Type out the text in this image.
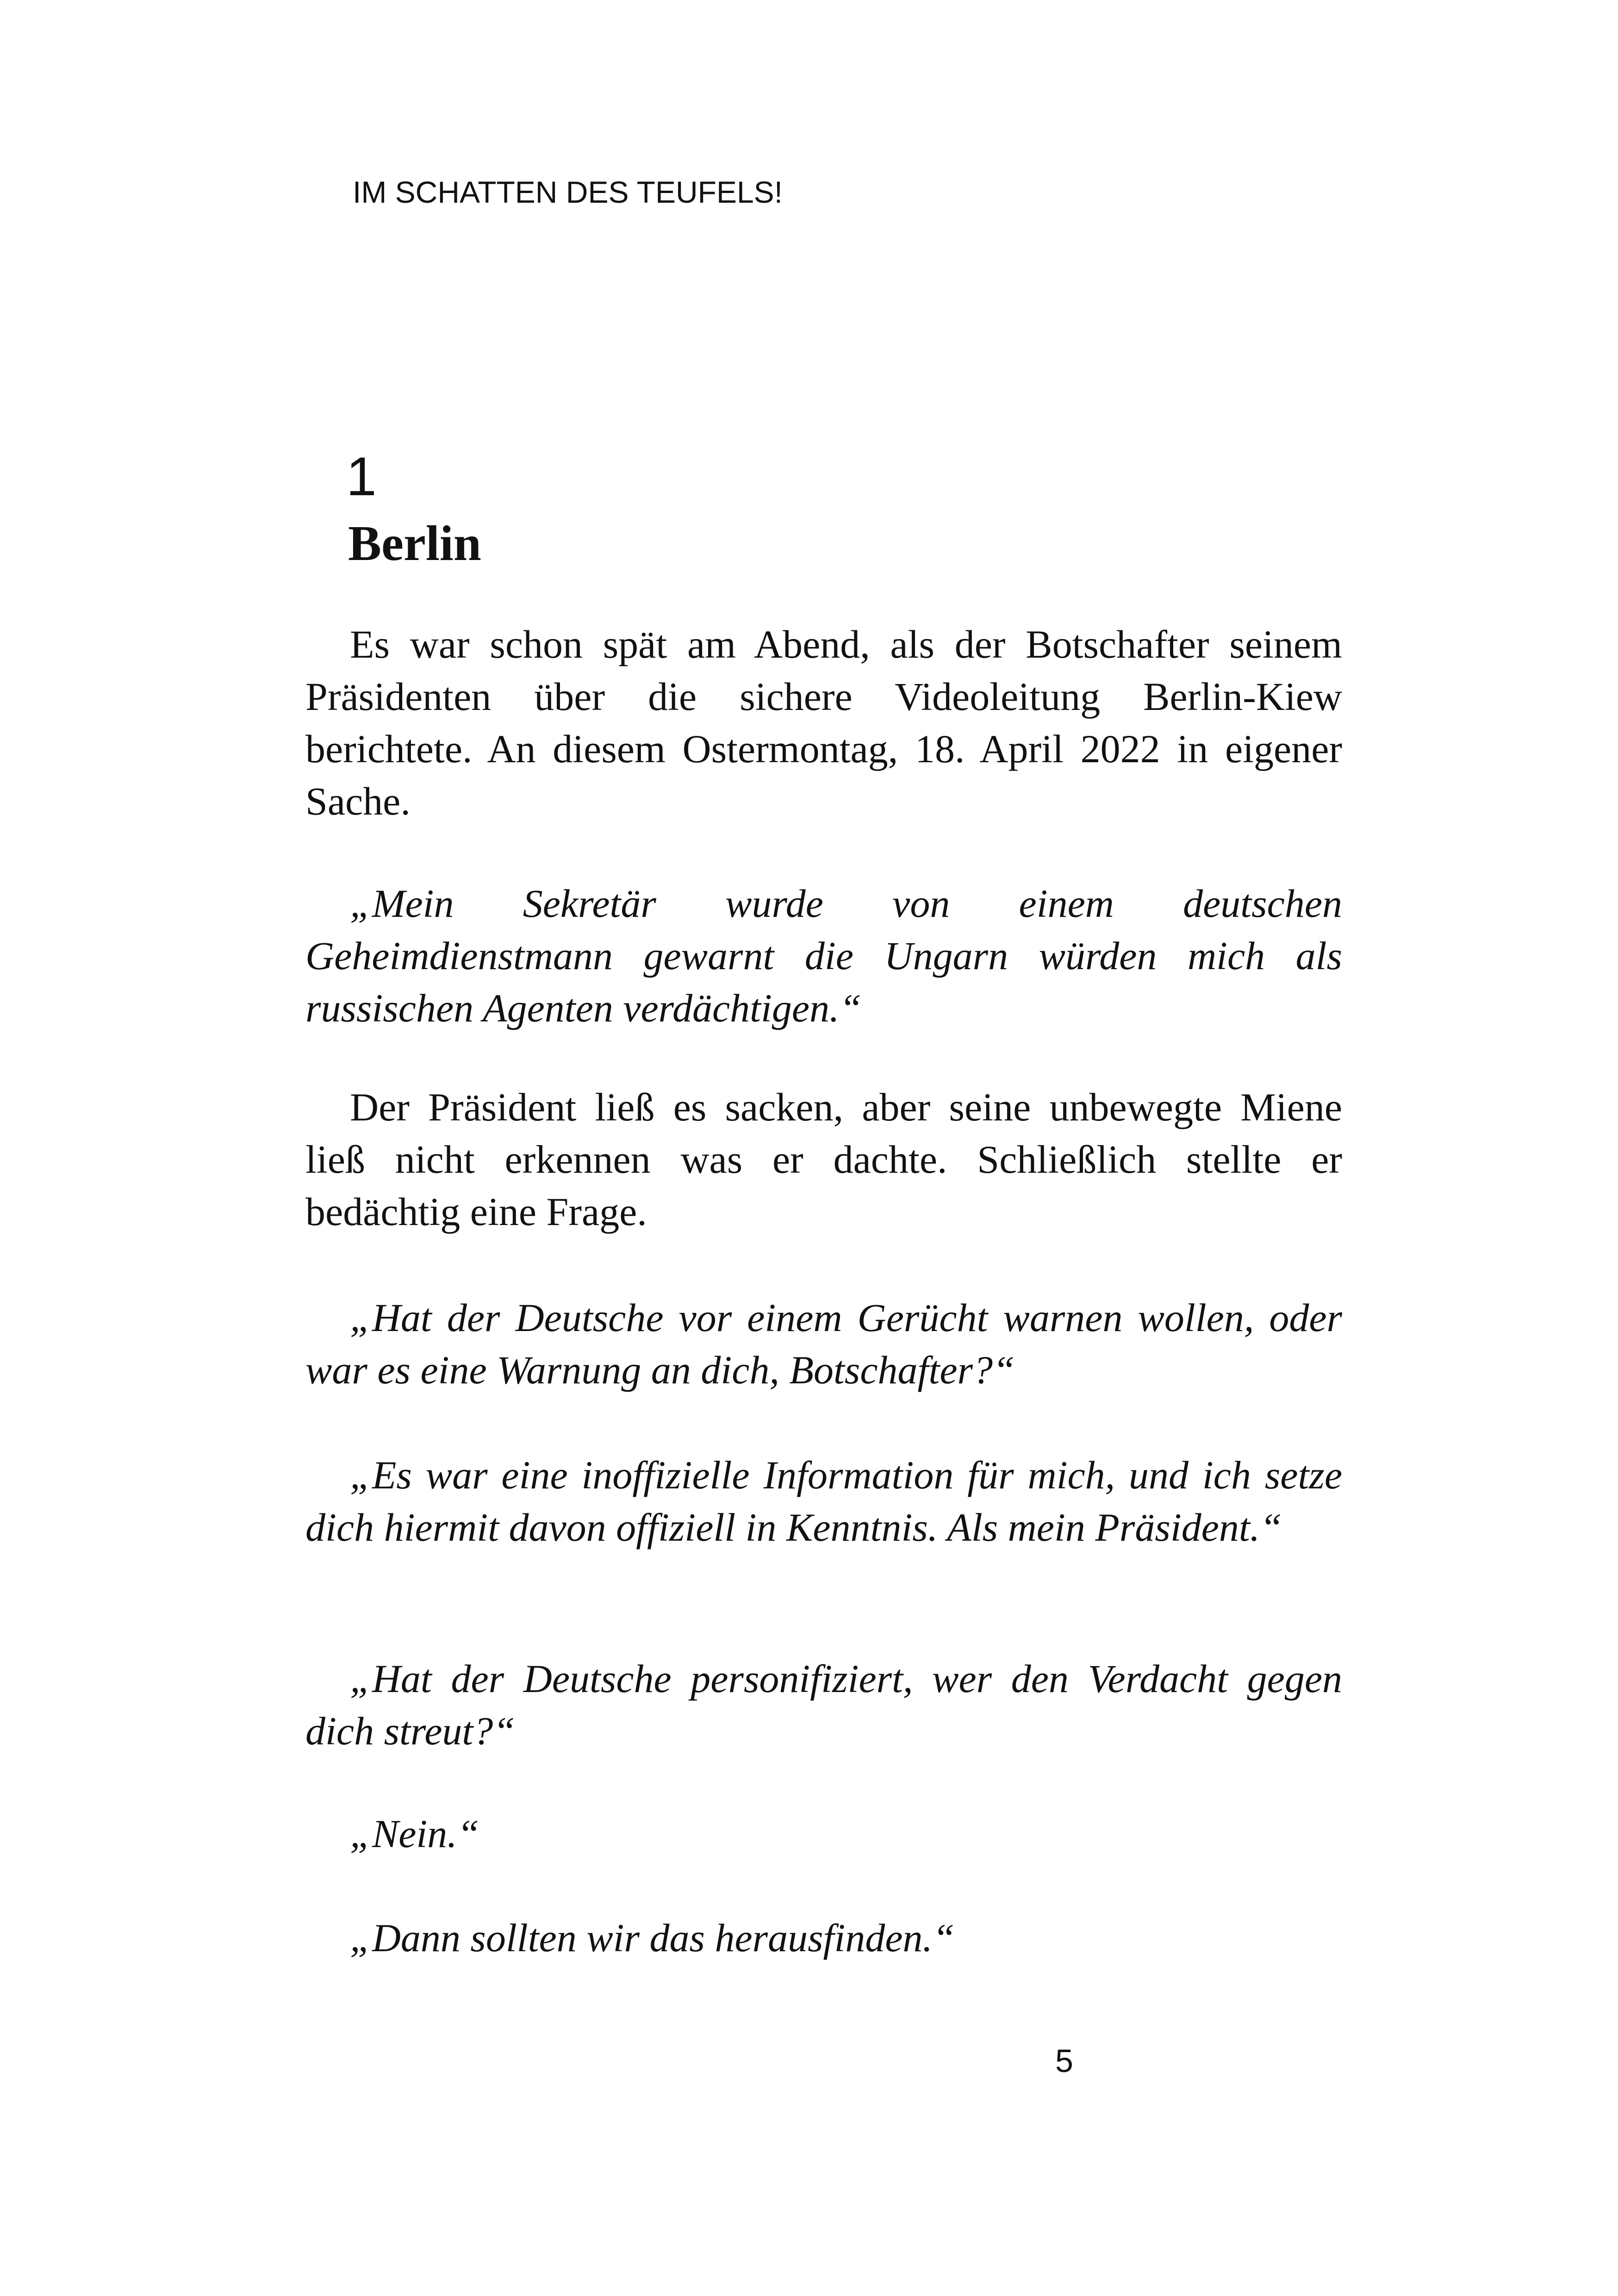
IM SCHATTEN DES TEUFELS!
1
Berlin

Es war schon spät am Abend, als der Botschafter seinem Präsidenten über die sichere Videoleitung Berlin-Kiew berichtete. An diesem Ostermontag, 18. April 2022 in eigener Sache.

„Mein Sekretär wurde von einem deutschen Geheimdienstmann gewarnt die Ungarn würden mich als russischen Agenten verdächtigen.“

Der Präsident ließ es sacken, aber seine unbewegte Miene ließ nicht erkennen was er dachte. Schließlich stellte er bedächtig eine Frage.

„Hat der Deutsche vor einem Gerücht warnen wollen, oder war es eine Warnung an dich, Botschafter?“

„Es war eine inoffizielle Information für mich, und ich setze dich hiermit davon offiziell in Kenntnis. Als mein Präsident.“

„Hat der Deutsche personifiziert, wer den Verdacht gegen dich streut?“

„Nein.“

„Dann sollten wir das herausfinden.“

5
